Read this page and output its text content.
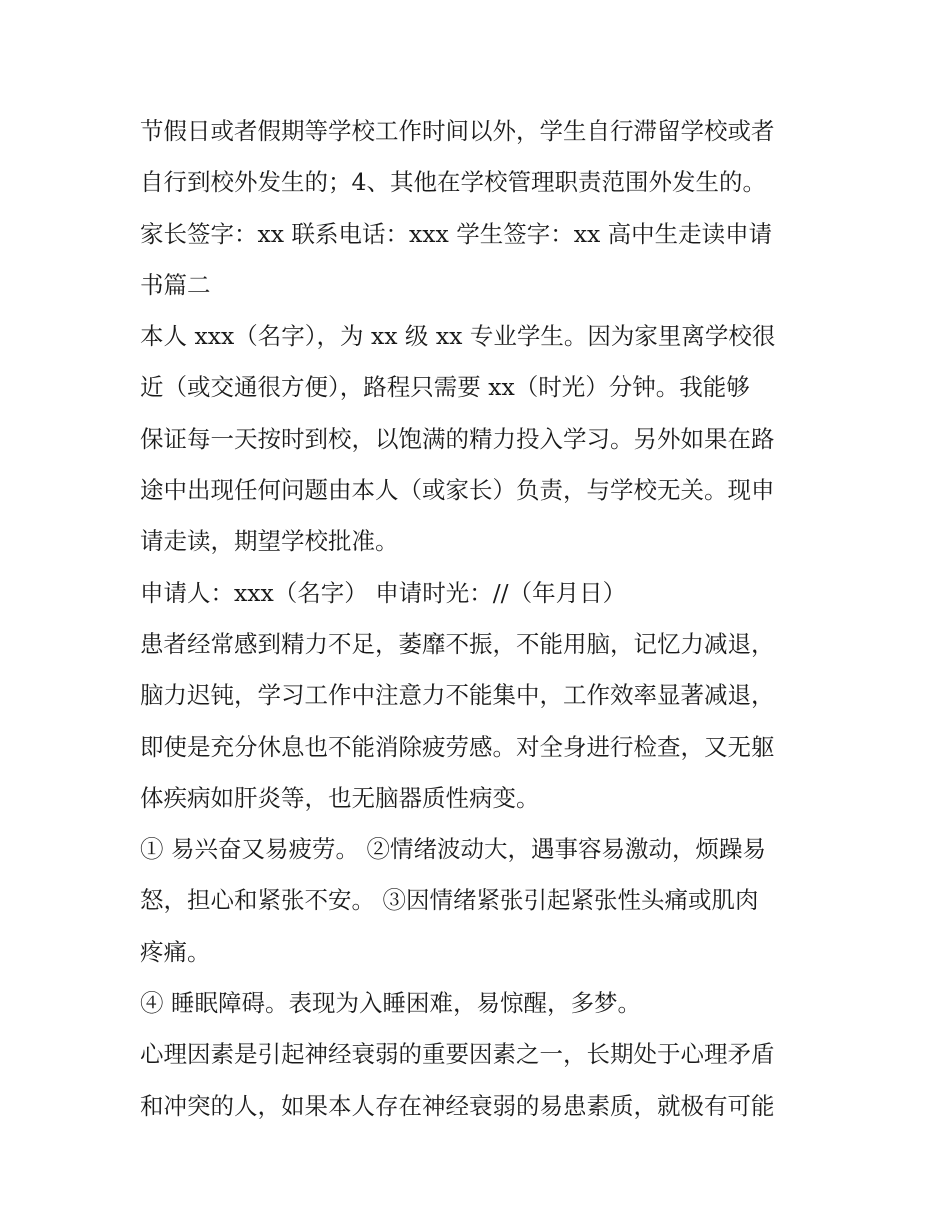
节假日或者假期等学校工作时间以外，学生自行滞留学校或者
自行到校外发生的；4、其他在学校管理职责范围外发生的。
家长签字：xx 联系电话：xxx 学生签字：xx 高中生走读申请
书篇二
本人 xxx（名字），为 xx 级 xx 专业学生。因为家里离学校很
近（或交通很方便），路程只需要 xx（时光）分钟。我能够
保证每一天按时到校，以饱满的精力投入学习。另外如果在路
途中出现任何问题由本人（或家长）负责，与学校无关。现申
请走读，期望学校批准。
申请人：xxx（名字） 申请时光：//（年月日）
患者经常感到精力不足，萎靡不振，不能用脑，记忆力减退，
脑力迟钝，学习工作中注意力不能集中，工作效率显著减退，
即使是充分休息也不能消除疲劳感。对全身进行检查，又无躯
体疾病如肝炎等，也无脑器质性病变。
① 易兴奋又易疲劳。 ②情绪波动大，遇事容易激动，烦躁易
怒，担心和紧张不安。 ③因情绪紧张引起紧张性头痛或肌肉
疼痛。
④ 睡眠障碍。表现为入睡困难，易惊醒，多梦。
心理因素是引起神经衰弱的重要因素之一，长期处于心理矛盾
和冲突的人，如果本人存在神经衰弱的易患素质，就极有可能
